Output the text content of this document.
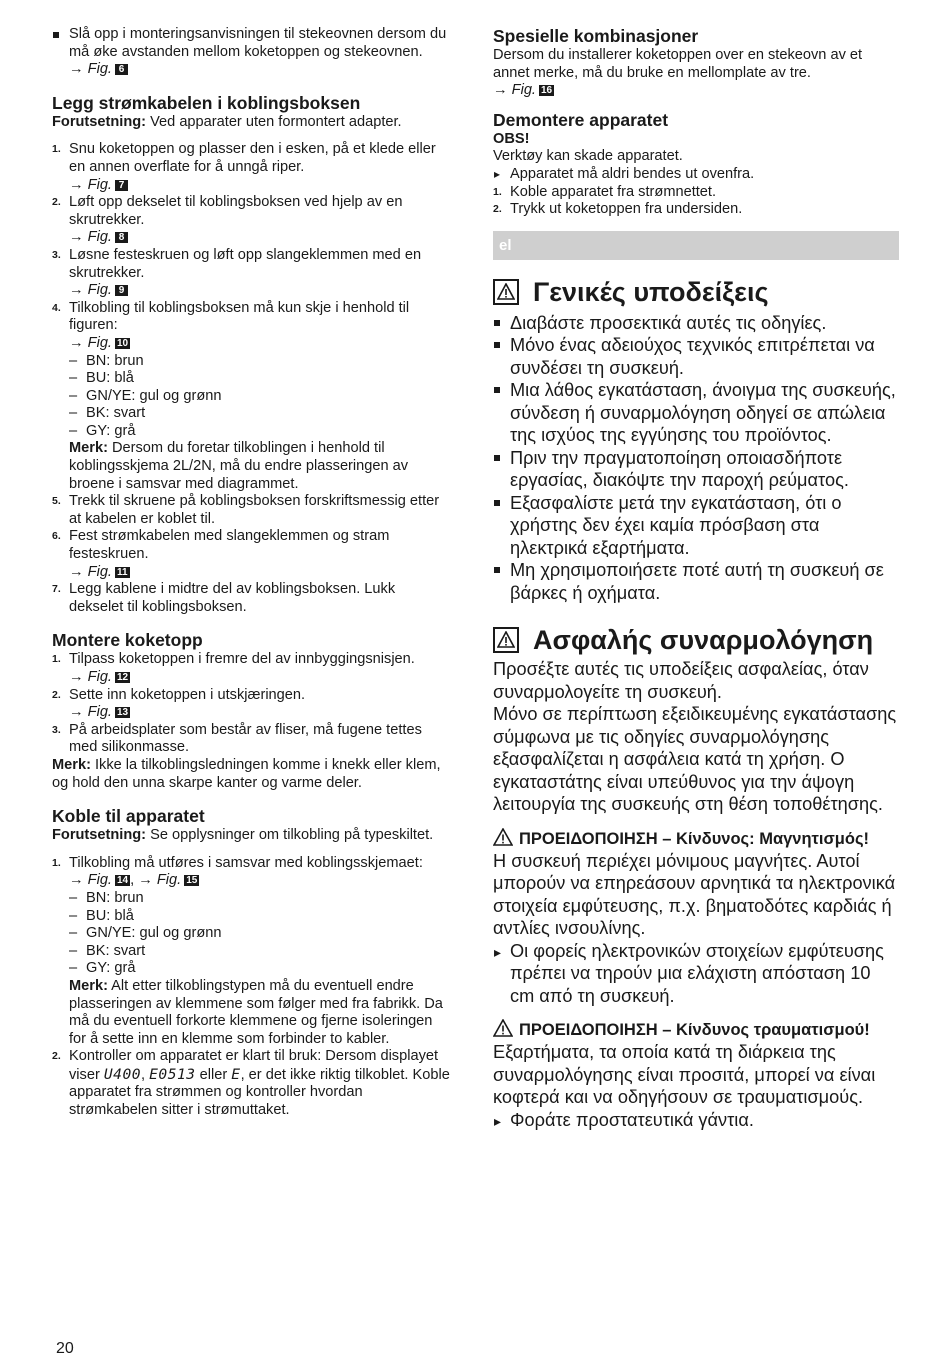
Slå opp i monteringsanvisningen til stekeovnen dersom du må øke avstanden mellom koketoppen og stekeovnen.
→ Fig. 6
Legg strømkabelen i koblingsboksen
Forutsetning: Ved apparater uten formontert adapter.
1. Snu koketoppen og plasser den i esken, på et klede eller en annen overflate for å unngå riper.
→ Fig. 7
2. Løft opp dekselet til koblingsboksen ved hjelp av en skrutrekker.
→ Fig. 8
3. Løsne festeskruen og løft opp slangeklemmen med en skrutrekker.
→ Fig. 9
4. Tilkobling til koblingsboksen må kun skje i henhold til figuren:
→ Fig. 10
– BN: brun
– BU: blå
– GN/YE: gul og grønn
– BK: svart
– GY: grå
Merk: Dersom du foretar tilkoblingen i henhold til koblingsskjema 2L/2N, må du endre plasseringen av broene i samsvar med diagrammet.
5. Trekk til skruene på koblingsboksen forskriftsmessig etter at kabelen er koblet til.
6. Fest strømkabelen med slangeklemmen og stram festeskruen.
→ Fig. 11
7. Legg kablene i midtre del av koblingsboksen. Lukk dekselet til koblingsboksen.
Montere koketopp
1. Tilpass koketoppen i fremre del av innbyggingsnisjen.
→ Fig. 12
2. Sette inn koketoppen i utskjæringen.
→ Fig. 13
3. På arbeidsplater som består av fliser, må fugene tettes med silikonmasse.
Merk: Ikke la tilkoblingsledningen komme i knekk eller klem, og hold den unna skarpe kanter og varme deler.
Koble til apparatet
Forutsetning: Se opplysninger om tilkobling på typeskiltet.
1. Tilkobling må utføres i samsvar med koblingsskjemaet:
→ Fig. 14 , → Fig. 15
– BN: brun
– BU: blå
– GN/YE: gul og grønn
– BK: svart
– GY: grå
Merk: Alt etter tilkoblingstypen må du eventuell endre plasseringen av klemmene som følger med fra fabrikk. Da må du eventuell forkorte klemmene og fjerne isoleringen for å sette inn en klemme som forbinder to kabler.
2. Kontroller om apparatet er klart til bruk: Dersom displayet viser U400, E0513 eller E, er det ikke riktig tilkoblet. Koble apparatet fra strømmen og kontroller hvordan strømkabelen sitter i strømuttaket.
Spesielle kombinasjoner
Dersom du installerer koketoppen over en stekeovn av et annet merke, må du bruke en mellomplate av tre.
→ Fig. 16
Demontere apparatet
OBS!
Verktøy kan skade apparatet.
▸ Apparatet må aldri bendes ut ovenfra.
1. Koble apparatet fra strømnettet.
2. Trykk ut koketoppen fra undersiden.
el
Γενικές υποδείξεις
Διαβάστε προσεκτικά αυτές τις οδηγίες.
Μόνο ένας αδειούχος τεχνικός επιτρέπεται να συνδέσει τη συσκευή.
Μια λάθος εγκατάσταση, άνοιγμα της συσκευής, σύνδεση ή συναρμολόγηση οδηγεί σε απώλεια της ισχύος της εγγύησης του προϊόντος.
Πριν την πραγματοποίηση οποιασδήποτε εργασίας, διακόψτε την παροχή ρεύματος.
Εξασφαλίστε μετά την εγκατάσταση, ότι ο χρήστης δεν έχει καμία πρόσβαση στα ηλεκτρικά εξαρτήματα.
Μη χρησιμοποιήσετε ποτέ αυτή τη συσκευή σε βάρκες ή οχήματα.
Ασφαλής συναρμολόγηση
Προσέξτε αυτές τις υποδείξεις ασφαλείας, όταν συναρμολογείτε τη συσκευή.
Μόνο σε περίπτωση εξειδικευμένης εγκατάστασης σύμφωνα με τις οδηγίες συναρμολόγησης εξασφαλίζεται η ασφάλεια κατά τη χρήση. Ο εγκαταστάτης είναι υπεύθυνος για την άψογη λειτουργία της συσκευής στη θέση τοποθέτησης.
ΠΡΟΕΙΔΟΠΟΙΗΣΗ – Κίνδυνος: Μαγνητισμός!
Η συσκευή περιέχει μόνιμους μαγνήτες. Αυτοί μπορούν να επηρεάσουν αρνητικά τα ηλεκτρονικά στοιχεία εμφύτευσης, π.χ. βηματοδότες καρδιάς ή αντλίες ινσουλίνης.
▸ Οι φορείς ηλεκτρονικών στοιχείων εμφύτευσης πρέπει να τηρούν μια ελάχιστη απόσταση 10 cm από τη συσκευή.
ΠΡΟΕΙΔΟΠΟΙΗΣΗ – Κίνδυνος τραυματισμού!
Εξαρτήματα, τα οποία κατά τη διάρκεια της συναρμολόγησης είναι προσιτά, μπορεί να είναι κοφτερά και να οδηγήσουν σε τραυματισμούς.
▸ Φοράτε προστατευτικά γάντια.
20
